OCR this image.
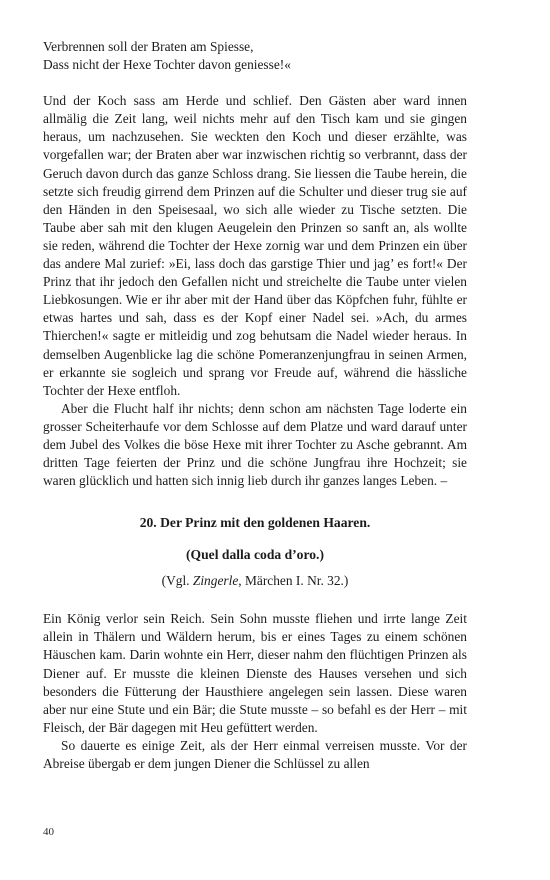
Verbrennen soll der Braten am Spiesse,

Dass nicht der Hexe Tochter davon geniesse!«

Und der Koch sass am Herde und schlief. Den Gästen aber ward innen allmälig die Zeit lang, weil nichts mehr auf den Tisch kam und sie gingen heraus, um nachzusehen. Sie weckten den Koch und dieser erzählte, was vorgefallen war; der Braten aber war inzwischen richtig so verbrannt, dass der Geruch davon durch das ganze Schloss drang. Sie liessen die Taube herein, die setzte sich freudig girrend dem Prinzen auf die Schulter und dieser trug sie auf den Händen in den Speisesaal, wo sich alle wieder zu Tische setzten. Die Taube aber sah mit den klugen Aeugelein den Prinzen so sanft an, als wollte sie reden, während die Tochter der Hexe zornig war und dem Prinzen ein über das andere Mal zurief: »Ei, lass doch das garstige Thier und jag’ es fort!« Der Prinz that ihr jedoch den Gefallen nicht und streichelte die Taube unter vielen Liebkosungen. Wie er ihr aber mit der Hand über das Köpfchen fuhr, fühlte er etwas hartes und sah, dass es der Kopf einer Nadel sei. »Ach, du armes Thierchen!« sagte er mitleidig und zog behutsam die Nadel wieder heraus. In demselben Augenblicke lag die schöne Pomeranzenjungfrau in seinen Armen, er erkannte sie sogleich und sprang vor Freude auf, während die hässliche Tochter der Hexe entfloh.

Aber die Flucht half ihr nichts; denn schon am nächsten Tage loderte ein grosser Scheiterhaufe vor dem Schlosse auf dem Platze und ward darauf unter dem Jubel des Volkes die böse Hexe mit ihrer Tochter zu Asche gebrannt. Am dritten Tage feierten der Prinz und die schöne Jungfrau ihre Hochzeit; sie waren glücklich und hatten sich innig lieb durch ihr ganzes langes Leben. –

20. Der Prinz mit den goldenen Haaren.
(Quel dalla coda d’oro.)
(Vgl. Zingerle, Märchen I. Nr. 32.)

Ein König verlor sein Reich. Sein Sohn musste fliehen und irrte lange Zeit allein in Thälern und Wäldern herum, bis er eines Tages zu einem schönen Häuschen kam. Darin wohnte ein Herr, dieser nahm den flüchtigen Prinzen als Diener auf. Er musste die kleinen Dienste des Hauses versehen und sich besonders die Fütterung der Hausthiere angelegen sein lassen. Diese waren aber nur eine Stute und ein Bär; die Stute musste – so befahl es der Herr – mit Fleisch, der Bär dagegen mit Heu gefüttert werden.

So dauerte es einige Zeit, als der Herr einmal verreisen musste. Vor der Abreise übergab er dem jungen Diener die Schlüssel zu allen

40
